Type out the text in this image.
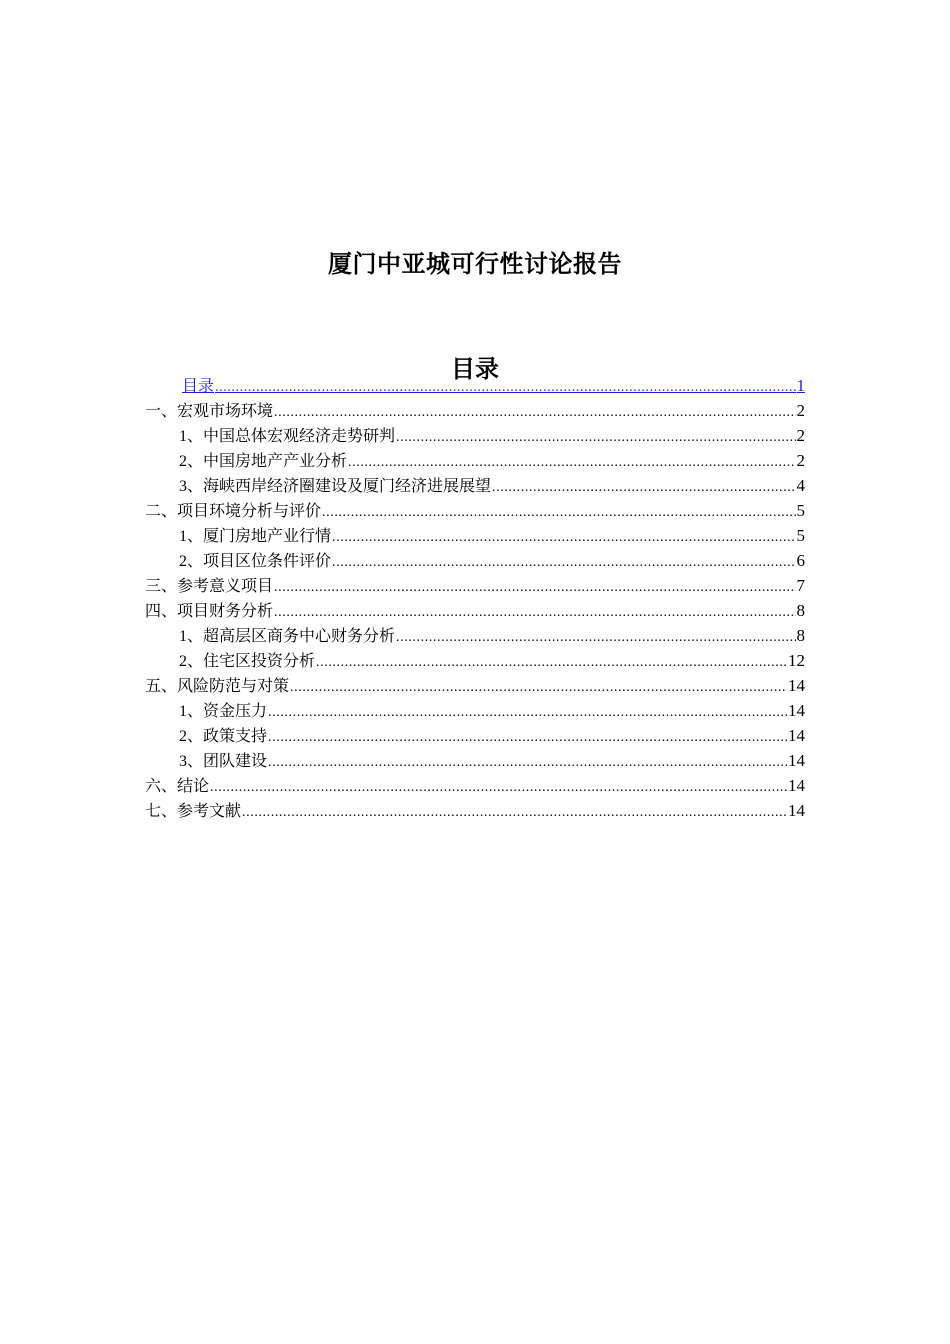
厦门中亚城可行性讨论报告
目录
目录 .....	1
一、宏观市场环境 .....	2
1、中国总体宏观经济走势研判 .....	2
2、中国房地产产业分析 .....	2
3、海峡西岸经济圈建设及厦门经济进展展望 .....	4
二、项目环境分析与评价 .....	5
1、厦门房地产业行情 .....	5
2、项目区位条件评价 .....	6
三、参考意义项目 .....	7
四、项目财务分析 .....	8
1、超高层区商务中心财务分析 .....	8
2、住宅区投资分析 .....	12
五、风险防范与对策 .....	14
1、资金压力 .....	14
2、政策支持 .....	14
3、团队建设 .....	14
六、结论 .....	14
七、参考文献 .....	14
